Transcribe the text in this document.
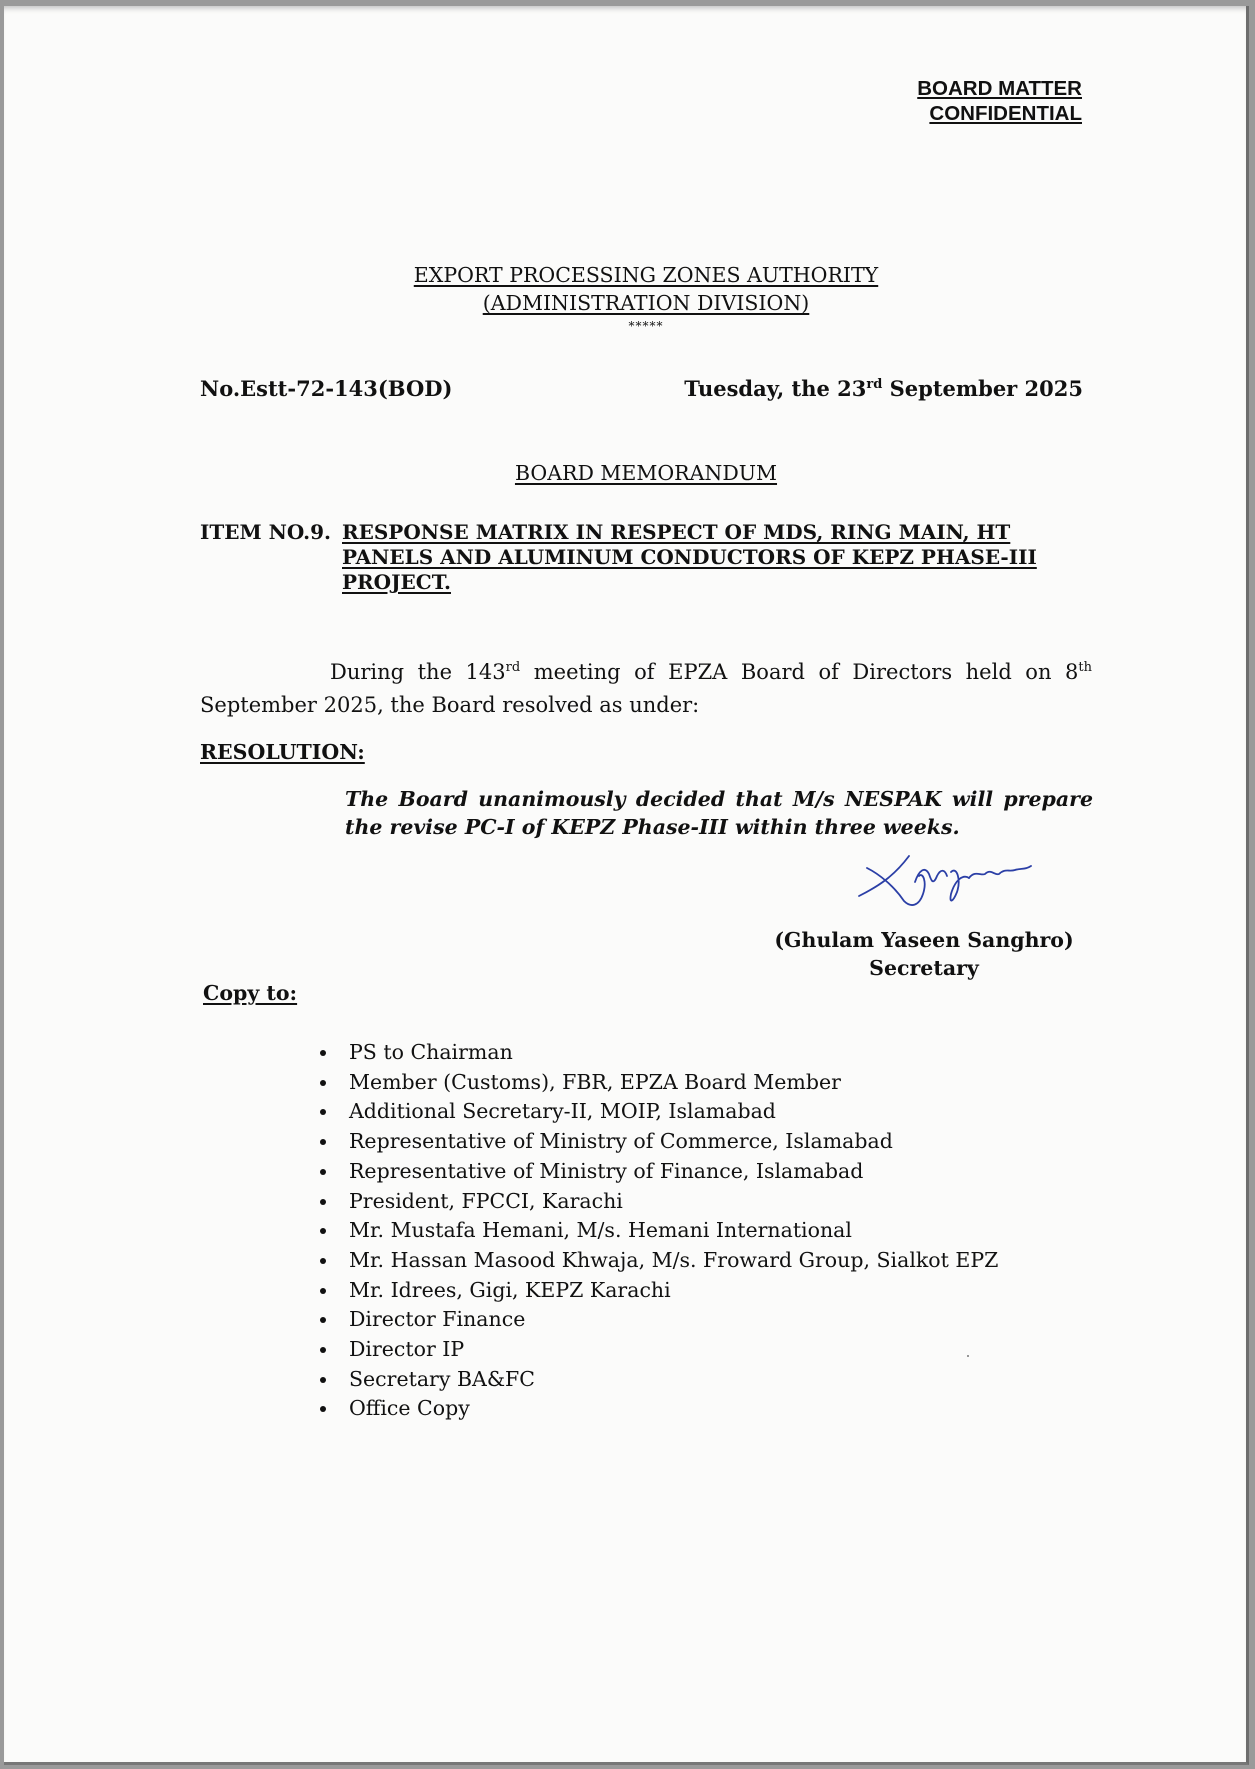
BOARD MATTER
CONFIDENTIAL
EXPORT PROCESSING ZONES AUTHORITY
(ADMINISTRATION DIVISION)
*****
No.Estt-72-143(BOD)	Tuesday, the 23rd September 2025
BOARD MEMORANDUM
ITEM NO.9. RESPONSE MATRIX IN RESPECT OF MDS, RING MAIN, HT PANELS AND ALUMINUM CONDUCTORS OF KEPZ PHASE-III PROJECT.
During the 143rd meeting of EPZA Board of Directors held on 8th September 2025, the Board resolved as under:
RESOLUTION:
The Board unanimously decided that M/s NESPAK will prepare the revise PC-I of KEPZ Phase-III within three weeks.
(Ghulam Yaseen Sanghro)
Secretary
Copy to:
PS to Chairman
Member (Customs), FBR, EPZA Board Member
Additional Secretary-II, MOIP, Islamabad
Representative of Ministry of Commerce, Islamabad
Representative of Ministry of Finance, Islamabad
President, FPCCI, Karachi
Mr. Mustafa Hemani, M/s. Hemani International
Mr. Hassan Masood Khwaja, M/s. Froward Group, Sialkot EPZ
Mr. Idrees, Gigi, KEPZ Karachi
Director Finance
Director IP
Secretary BA&FC
Office Copy
